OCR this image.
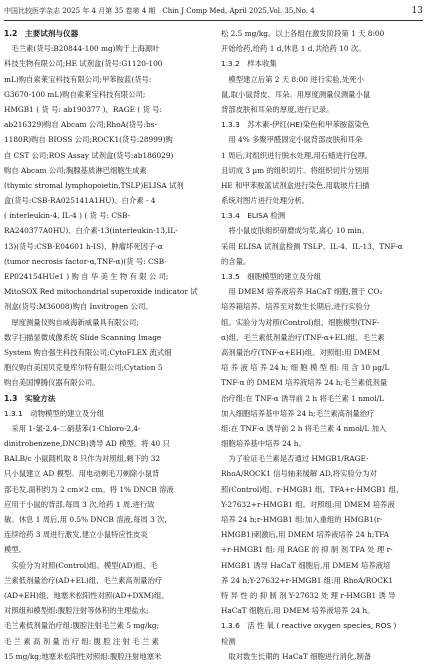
中国比较医学杂志 2025 年 4 月第 35 卷第 4 期　Chin J Comp Med, April 2025,Vol. 35,No. 4	13
1.2　主要试剂与仪器
　毛兰素(货号:B20844-100 mg)购于上海源叶
科技生物有限公司;HE 试剂盒(货号:G1120-100
mL)购自索莱宝科技有限公司;甲苯胺蓝(货号:
G3670-100 mL)购自索莱宝科技有限公司;
HMGB1 ( 货 号: ab190377 )、RAGE ( 货 号:
ab216329)购自 Abcam 公司;RhoA(货号:bs-
1180R)购自 BIOSS 公司;ROCK1(货号:28999)购
自 CST 公司;ROS Assay 试剂盒(货号:ab186029)
购自 Abcam 公司;胸腺基质淋巴细胞生成素
(thymic stromal lymphopoietin,TSLP)ELISA 试剂
盒(货号:CSB-RA025141A1HU)、白介素 - 4
( interleukin-4, IL-4 ) ( 货 号: CSB-
RA240377A0HU)、白介素-13(interleukin-13,IL-
13)(货号:CSB-E04601 h-IS)、肿瘤坏死因子-α
(tumor necrosis factor-α,TNF-α)(货 号: CSB-
EP024154HUe1 ) 购 自 华 美 生 物 有 限 公 司;
MitoSOX Red mitochondrial superoxide indicator 试
剂盒(货号:M36008)购自 Invitrogen 公司。
　厚度测量仪购自威海新威量具有限公司;
数字扫描显微成像系统 Slide Scanning Image
System 购自强生科技有限公司;CytoFLEX 流式细
胞仪购自美国贝克曼库尔特有限公司;Cytation 5
购自美国博腾仪器有限公司。
1.3　实验方法
1.3.1　动物模型的建立及分组
　采用 1-氯-2,4-二硝基苯(1-Chloro-2,4-
dinitrobenzene,DNCB)诱导 AD 模型。将 40 只
BALB/c 小鼠随机取 8 只作为对照组,剩下的 32
只小鼠建立 AD 模型。用电动剃毛刀剃除小鼠背
部毛发,面积约为 2 cm×2 cm。将 1% DNCB 溶液
应用于小鼠的背部,每周 3 次,给药 1 周,进行致
敏。休息 1 周后,用 0.5% DNCB 溶液,每周 3 次,
连续给药 3 周进行激发,建立小鼠特应性皮炎
模型。
　实验分为对照(Control)组、模型(AD)组、毛
兰素低剂量治疗(AD+EL)组、毛兰素高剂量治疗
(AD+EH)组、地塞米松阳性对照(AD+DXM)组。
对照组和模型组:腹腔注射等体积的生理盐水;
毛兰素低剂量治疗组:腹腔注射毛兰素 5 mg/kg;
毛 兰 素 高 剂 量 治 疗 组: 腹 腔 注 射 毛 兰 素
15 mg/kg;地塞米松阳性对照组:腹腔注射地塞米
松 2.5 mg/kg。以上各组在激发阶段第 1 天 8:00
开始给药,给药 1 d,休息 1 d,共给药 10 次。
1.3.2　样本收集
　模型建立后第 2 天 8:00 进行实验,处死小
鼠,取小鼠背皮、耳朵。用厚度测量仪测量小鼠
背部皮肤和耳朵的厚度,进行记录。
1.3.3　苏木素-伊红(HE)染色和甲苯胺蓝染色
　用 4% 多聚甲醛固定小鼠背部皮肤和耳朵
1 周后,对组织进行脱水处理,用石蜡进行包埋,
且切成 3 μm 的组织切片。将组织切片分别用
HE 和甲苯胺蓝试剂盒进行染色,用载玻片扫描
系统对图片进行处理分析。
1.3.4　ELISA 检测
　将小鼠皮肤组织研磨成匀浆,离心 10 min。
采用 ELISA 试剂盒检测 TSLP、IL-4、IL-13、TNF-α
的含量。
1.3.5　细胞模型的建立及分组
　用 DMEM 培养液培养 HaCaT 细胞,置于 CO₂
培养箱培养。培养至对数生长期后,进行实验分
组。实验分为对照(Control)组、细胞模型(TNF-
α)组、毛兰素低剂量治疗(TNF-α+EL)组、毛兰素
高剂量治疗(TNF-α+EH)组。对照组:用 DMEM
培 养 液 培 养 24 h; 细 胞 模 型 组: 用 含 10 μg/L
TNF-α 的 DMEM 培养液培养 24 h;毛兰素低剂量
治疗组:在 TNF-α 诱导前 2 h 将毛兰素 1 nmol/L
加入细胞培养基中培养 24 h;毛兰素高剂量治疗
组:在 TNF-α 诱导前 2 h 将毛兰素 4 nmol/L 加入
细胞培养基中培养 24 h。
　为了验证毛兰素是否通过 HMGB1/RAGE-
RhoA/ROCK1 信号轴来缓解 AD,将实验分为对
照(Control)组、r-HMGB1 组、TFA+r-HMGB1 组、
Y-27632+r-HMGB1 组。对照组:用 DMEM 培养液
培养 24 h;r-HMGB1 组:加入重组的 HMGB1(r-
HMGB1)刺激后,用 DMEM 培养液培养 24 h;TFA
+r-HMGB1 组: 用 RAGE 的 抑 制 剂 TFA 处 理 r-
HMGB1 诱导 HaCaT 细胞后,用 DMEM 培养液培
养 24 h;Y-27632+r-HMGB1 组:用 RhoA/ROCK1
特 异 性 的 抑 制 剂 Y-27632 处 理 r-HMGB1 诱 导
HaCaT 细胞后,用 DMEM 培养液培养 24 h。
1.3.6　活 性 氧 ( reactive oxygen species, ROS )
检测
　取对数生长期的 HaCaT 细胞进行消化,制备
